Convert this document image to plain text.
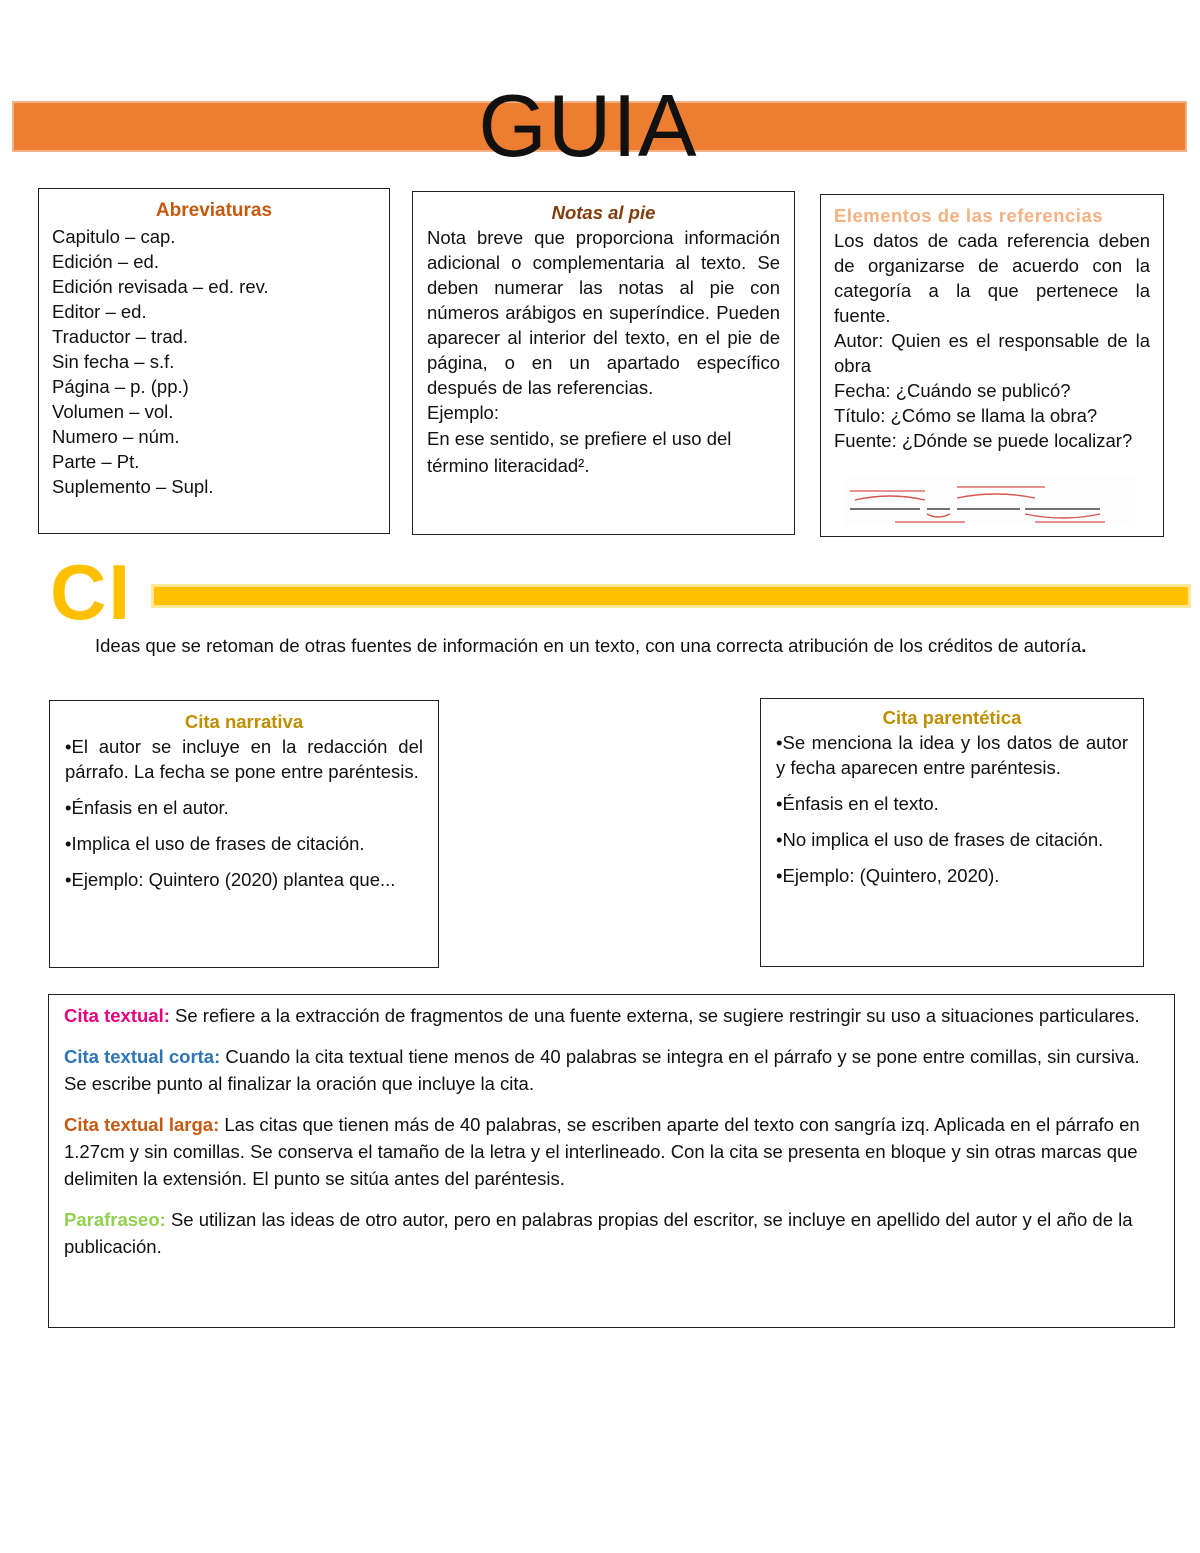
GUIA
Abreviaturas
Capitulo – cap.
Edición – ed.
Edición revisada – ed. rev.
Editor – ed.
Traductor – trad.
Sin fecha – s.f.
Página – p. (pp.)
Volumen – vol.
Numero – núm.
Parte – Pt.
Suplemento – Supl.
Notas al pie
Nota breve que proporciona información adicional o complementaria al texto. Se deben numerar las notas al pie con números arábigos en superíndice. Pueden aparecer al interior del texto, en el pie de página, o en un apartado específico después de las referencias.
Ejemplo:
En ese sentido, se prefiere el uso del término literacidad².
Elementos de las referencias
Los datos de cada referencia deben de organizarse de acuerdo con la categoría a la que pertenece la fuente.
Autor: Quien es el responsable de la obra
Fecha: ¿Cuándo se publicó?
Título: ¿Cómo se llama la obra?
Fuente: ¿Dónde se puede localizar?
CI
Ideas que se retoman de otras fuentes de información en un texto, con una correcta atribución de los créditos de autoría.
Cita narrativa
•El autor se incluye en la redacción del párrafo. La fecha se pone entre paréntesis.
•Énfasis en el autor.
•Implica el uso de frases de citación.
•Ejemplo: Quintero (2020) plantea que...
Cita parentética
•Se menciona la idea y los datos de autor y fecha aparecen entre paréntesis.
•Énfasis en el texto.
•No implica el uso de frases de citación.
•Ejemplo: (Quintero, 2020).

Cita textual: Se refiere a la extracción de fragmentos de una fuente externa, se sugiere restringir su uso a situaciones particulares.

Cita textual corta: Cuando la cita textual tiene menos de 40 palabras se integra en el párrafo y se pone entre comillas, sin cursiva. Se escribe punto al finalizar la oración que incluye la cita.

Cita textual larga: Las citas que tienen más de 40 palabras, se escriben aparte del texto con sangría izq. Aplicada en el párrafo en 1.27cm y sin comillas. Se conserva el tamaño de la letra y el interlineado. Con la cita se presenta en bloque y sin otras marcas que delimiten la extensión. El punto se sitúa antes del paréntesis.

Parafraseo: Se utilizan las ideas de otro autor, pero en palabras propias del escritor, se incluye en apellido del autor y el año de la publicación.
